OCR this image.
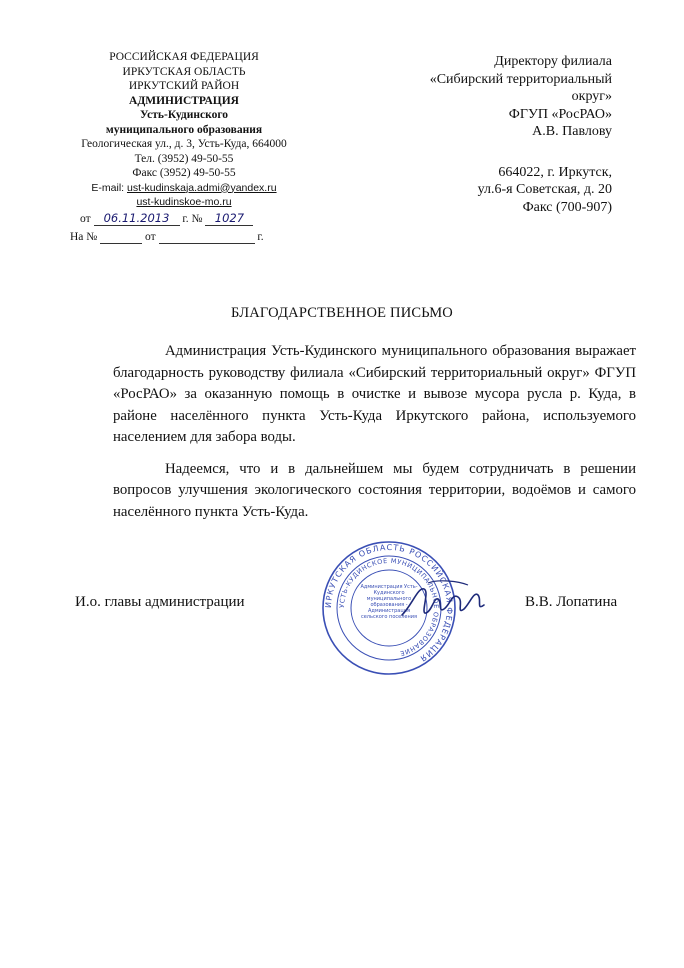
РОССИЙСКАЯ ФЕДЕРАЦИЯ
ИРКУТСКАЯ ОБЛАСТЬ
ИРКУТСКИЙ РАЙОН
АДМИНИСТРАЦИЯ
Усть-Кудинского
муниципального образования
Геологическая ул., д. 3, Усть-Куда, 664000
Тел. (3952) 49-50-55
Факс (3952) 49-50-55
E-mail: ust-kudinskaja.admi@yandex.ru
ust-kudinskoe-mo.ru
от 06.11.2013 г. № 1027
На №	от	г.
Директору филиала
«Сибирский территориальный округ»
ФГУП «РосРАО»
А.В. Павлову
664022, г. Иркутск,
ул.6-я Советская, д. 20
Факс (700-907)
БЛАГОДАРСТВЕННОЕ ПИСЬМО

Администрация Усть-Кудинского муниципального образования выражает благодарность руководству филиала «Сибирский территориальный округ» ФГУП «РосРАО» за оказанную помощь в очистке и вывозе мусора русла р. Куда, в районе населённого пункта Усть-Куда Иркутского района, используемого населением для забора воды.

Надеемся, что и в дальнейшем мы будем сотрудничать в решении вопросов улучшения экологического состояния территории, водоёмов и самого населённого пункта Усть-Куда.

И.о. главы администрации	В.В. Лопатина
ИРКУТСКАЯ ОБЛАСТЬ РОССИЙСКАЯ ФЕДЕРАЦИЯ
УСТЬ-КУДИНСКОЕ МУНИЦИПАЛЬНОЕ ОБРАЗОВАНИЕ
Администрация Усть-Кудинского муниципального образования - Администрация сельского поселения
